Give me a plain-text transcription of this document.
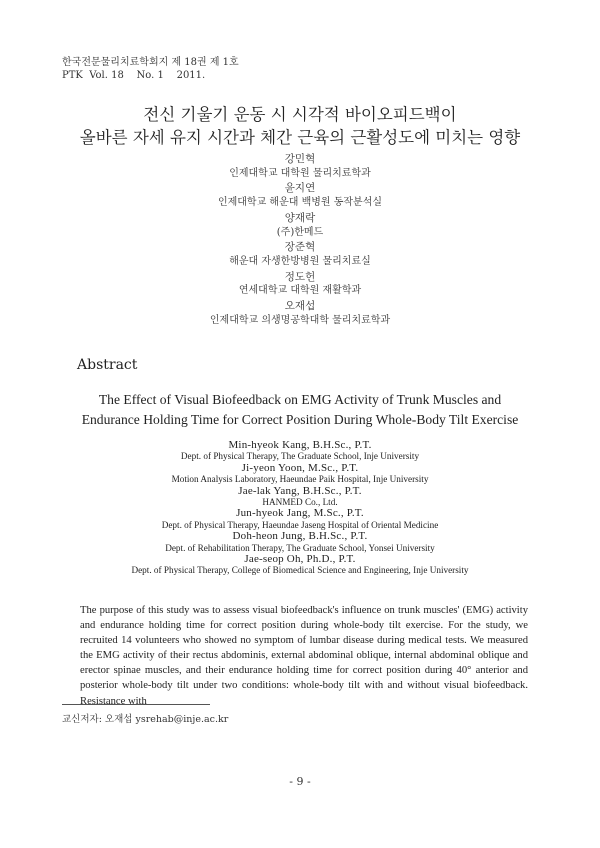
한국전문물리치료학회지 제 18권 제 1호
PTK  Vol. 18    No. 1    2011.
전신 기울기 운동 시 시각적 바이오피드백이
올바른 자세 유지 시간과 체간 근육의 근활성도에 미치는 영향
강민혁
인제대학교 대학원 물리치료학과
윤지연
인제대학교 해운대 백병원 동작분석실
양재락
(주)한메드
장준혁
해운대 자생한방병원 물리치료실
정도헌
연세대학교 대학원 재활학과
오재섭
인제대학교 의생명공학대학 물리치료학과
Abstract
The Effect of Visual Biofeedback on EMG Activity of Trunk Muscles and
Endurance Holding Time for Correct Position During Whole-Body Tilt Exercise
Min-hyeok Kang, B.H.Sc., P.T.
Dept. of Physical Therapy, The Graduate School, Inje University
Ji-yeon Yoon, M.Sc., P.T.
Motion Analysis Laboratory, Haeundae Paik Hospital, Inje University
Jae-lak Yang, B.H.Sc., P.T.
HANMED Co., Ltd.
Jun-hyeok Jang, M.Sc., P.T.
Dept. of Physical Therapy, Haeundae Jaseng Hospital of Oriental Medicine
Doh-heon Jung, B.H.Sc., P.T.
Dept. of Rehabilitation Therapy, The Graduate School, Yonsei University
Jae-seop Oh, Ph.D., P.T.
Dept. of Physical Therapy, College of Biomedical Science and Engineering, Inje University
The purpose of this study was to assess visual biofeedback's influence on trunk muscles' (EMG) activity and endurance holding time for correct position during whole-body tilt exercise. For the study, we recruited 14 volunteers who showed no symptom of lumbar disease during medical tests. We measured the EMG activity of their rectus abdominis, external abdominal oblique, internal abdominal oblique and erector spinae muscles, and their endurance holding time for correct position during 40° anterior and posterior whole-body tilt under two conditions: whole-body tilt with and without visual biofeedback. Resistance with
교신저자: 오재섭 ysrehab@inje.ac.kr
- 9 -
